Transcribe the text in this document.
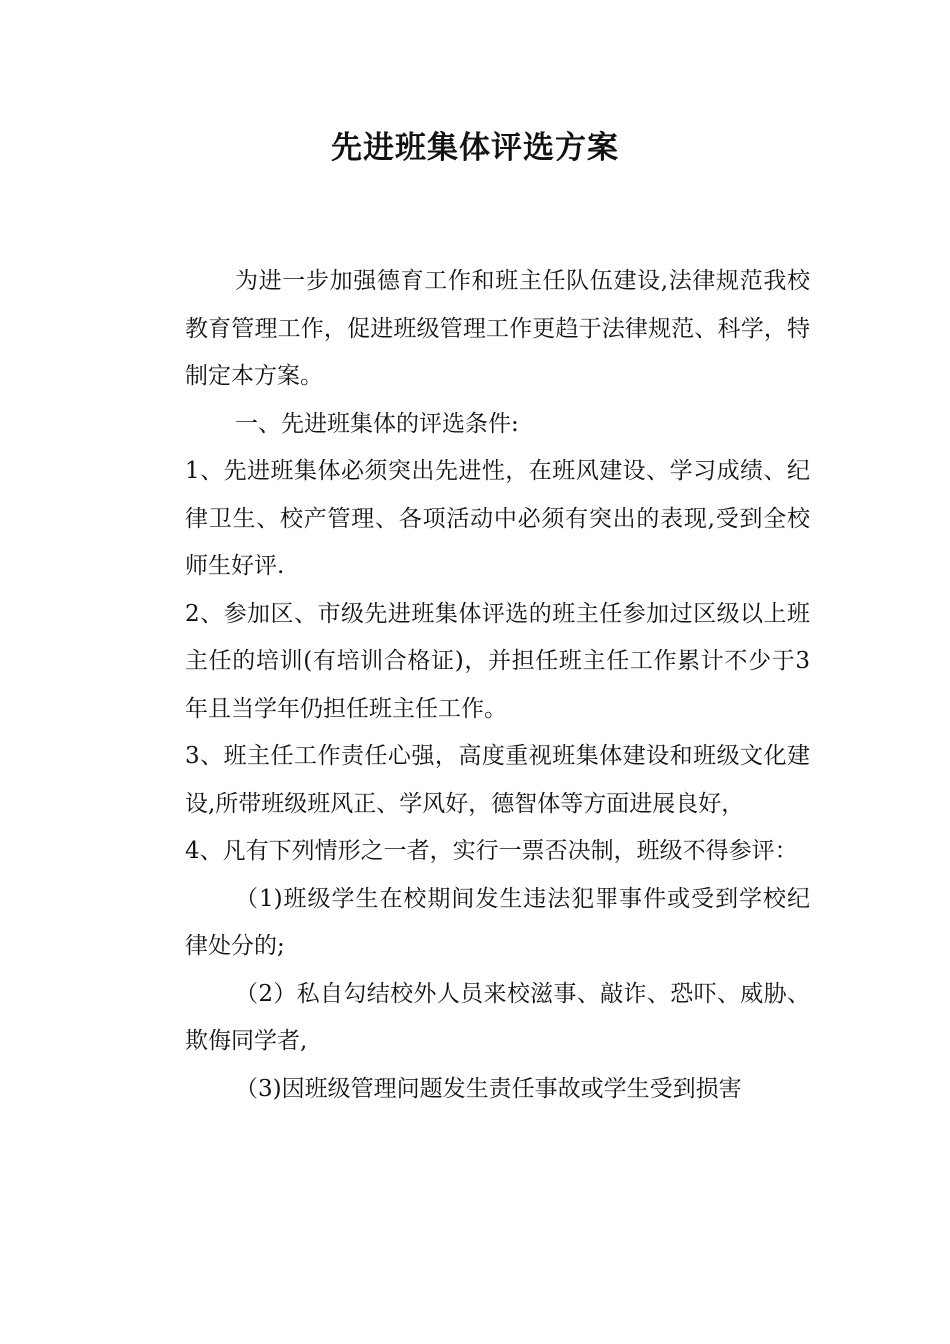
先进班集体评选方案

为进一步加强德育工作和班主任队伍建设,法律规范我校教育管理工作，促进班级管理工作更趋于法律规范、科学，特制定本方案。

一、先进班集体的评选条件:

1、先进班集体必须突出先进性，在班风建设、学习成绩、纪律卫生、校产管理、各项活动中必须有突出的表现,受到全校师生好评.

2、参加区、市级先进班集体评选的班主任参加过区级以上班主任的培训(有培训合格证)，并担任班主任工作累计不少于3年且当学年仍担任班主任工作。

3、班主任工作责任心强，高度重视班集体建设和班级文化建设,所带班级班风正、学风好，德智体等方面进展良好，

4、凡有下列情形之一者，实行一票否决制，班级不得参评：

（1)班级学生在校期间发生违法犯罪事件或受到学校纪律处分的;

（2）私自勾结校外人员来校滋事、敲诈、恐吓、威胁、欺侮同学者,

（3)因班级管理问题发生责任事故或学生受到损害
